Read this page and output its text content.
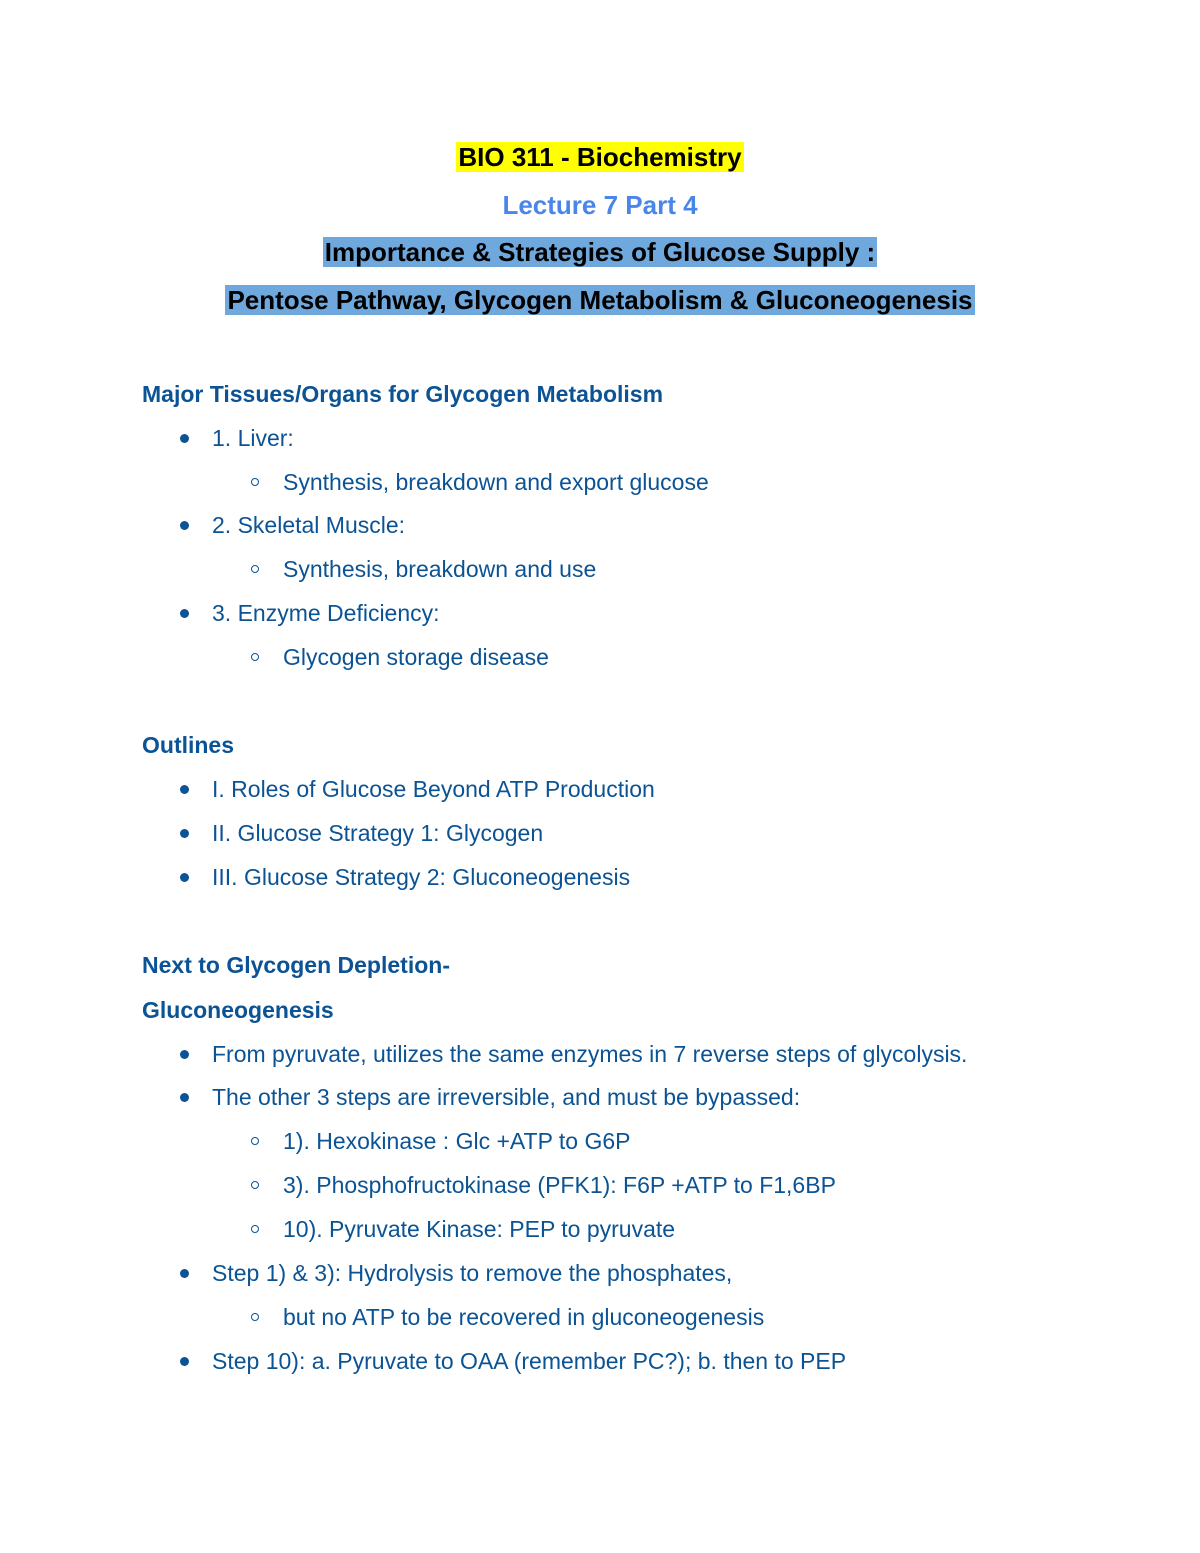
BIO 311 - Biochemistry
Lecture 7 Part 4
Importance & Strategies of Glucose Supply :
Pentose Pathway, Glycogen Metabolism & Gluconeogenesis
Major Tissues/Organs for Glycogen Metabolism
1. Liver:
Synthesis, breakdown and export glucose
2. Skeletal Muscle:
Synthesis, breakdown and use
3. Enzyme Deficiency:
Glycogen storage disease
Outlines
I. Roles of Glucose Beyond ATP Production
II. Glucose Strategy 1: Glycogen
III. Glucose Strategy 2: Gluconeogenesis
Next to Glycogen Depletion-
Gluconeogenesis
From pyruvate, utilizes the same enzymes in 7 reverse steps of glycolysis.
The other 3 steps are irreversible, and must be bypassed:
1). Hexokinase : Glc +ATP to G6P
3). Phosphofructokinase (PFK1): F6P +ATP to F1,6BP
10). Pyruvate Kinase: PEP to pyruvate
Step 1) & 3): Hydrolysis to remove the phosphates,
but no ATP to be recovered in gluconeogenesis
Step 10): a. Pyruvate to OAA (remember PC?); b. then to PEP
